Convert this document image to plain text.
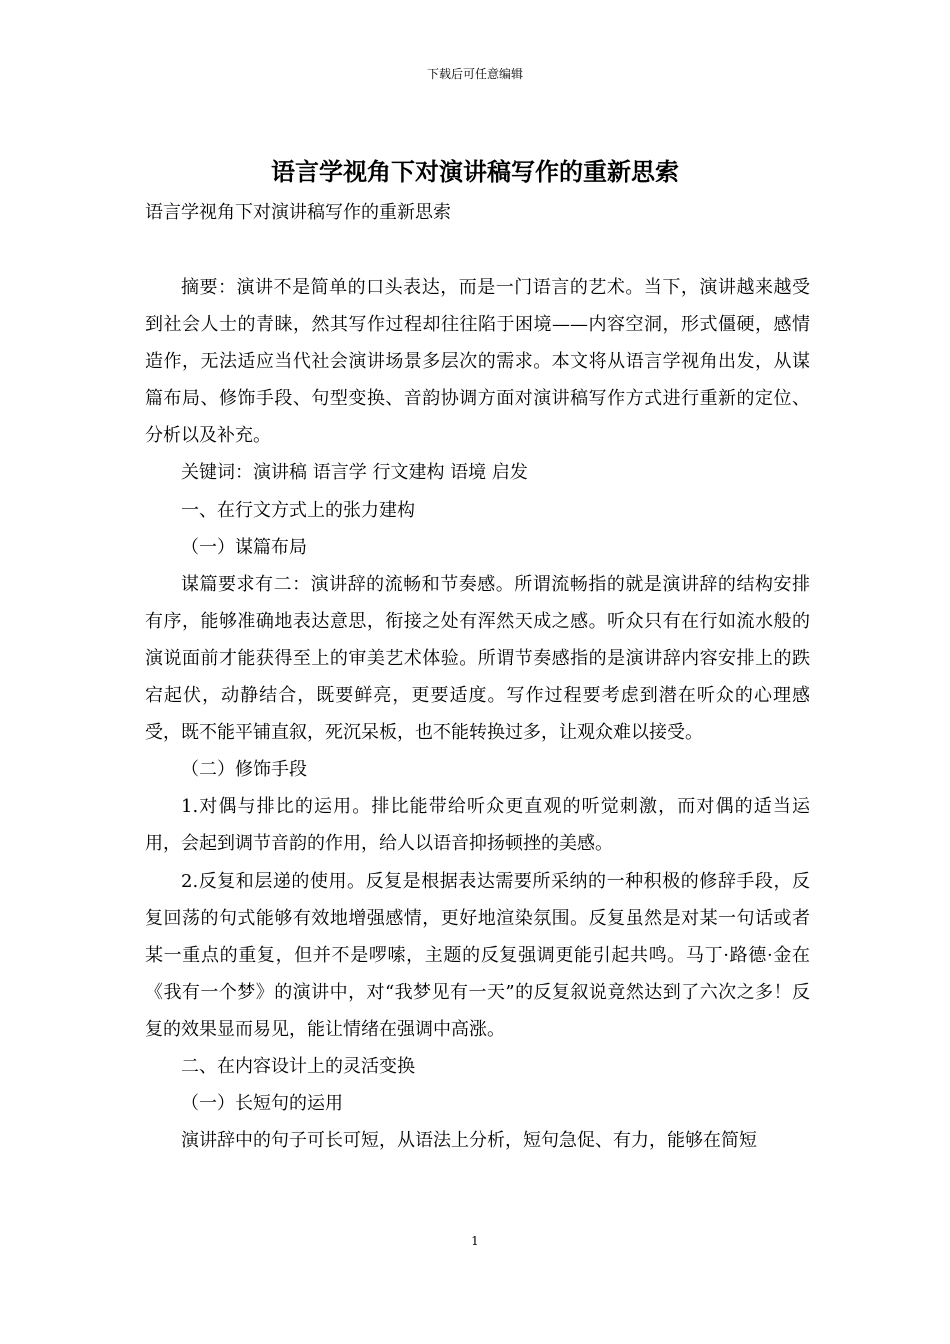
下载后可任意编辑
语言学视角下对演讲稿写作的重新思索
语言学视角下对演讲稿写作的重新思索

摘要：演讲不是简单的口头表达，而是一门语言的艺术。当下，演讲越来越受到社会人士的青睐，然其写作过程却往往陷于困境——内容空洞，形式僵硬，感情造作，无法适应当代社会演讲场景多层次的需求。本文将从语言学视角出发，从谋篇布局、修饰手段、句型变换、音韵协调方面对演讲稿写作方式进行重新的定位、分析以及补充。

关键词：演讲稿 语言学 行文建构 语境 启发

一、在行文方式上的张力建构

（一）谋篇布局

谋篇要求有二：演讲辞的流畅和节奏感。所谓流畅指的就是演讲辞的结构安排有序，能够准确地表达意思，衔接之处有浑然天成之感。听众只有在行如流水般的演说面前才能获得至上的审美艺术体验。所谓节奏感指的是演讲辞内容安排上的跌宕起伏，动静结合，既要鲜亮，更要适度。写作过程要考虑到潜在听众的心理感受，既不能平铺直叙，死沉呆板，也不能转换过多，让观众难以接受。

（二）修饰手段

1.对偶与排比的运用。排比能带给听众更直观的听觉刺激，而对偶的适当运用，会起到调节音韵的作用，给人以语音抑扬顿挫的美感。

2.反复和层递的使用。反复是根据表达需要所采纳的一种积极的修辞手段，反复回荡的句式能够有效地增强感情，更好地渲染氛围。反复虽然是对某一句话或者某一重点的重复，但并不是啰嗦，主题的反复强调更能引起共鸣。马丁·路德·金在《我有一个梦》的演讲中，对“我梦见有一天”的反复叙说竟然达到了六次之多！反复的效果显而易见，能让情绪在强调中高涨。

二、在内容设计上的灵活变换

（一）长短句的运用

演讲辞中的句子可长可短，从语法上分析，短句急促、有力，能够在简短

1
